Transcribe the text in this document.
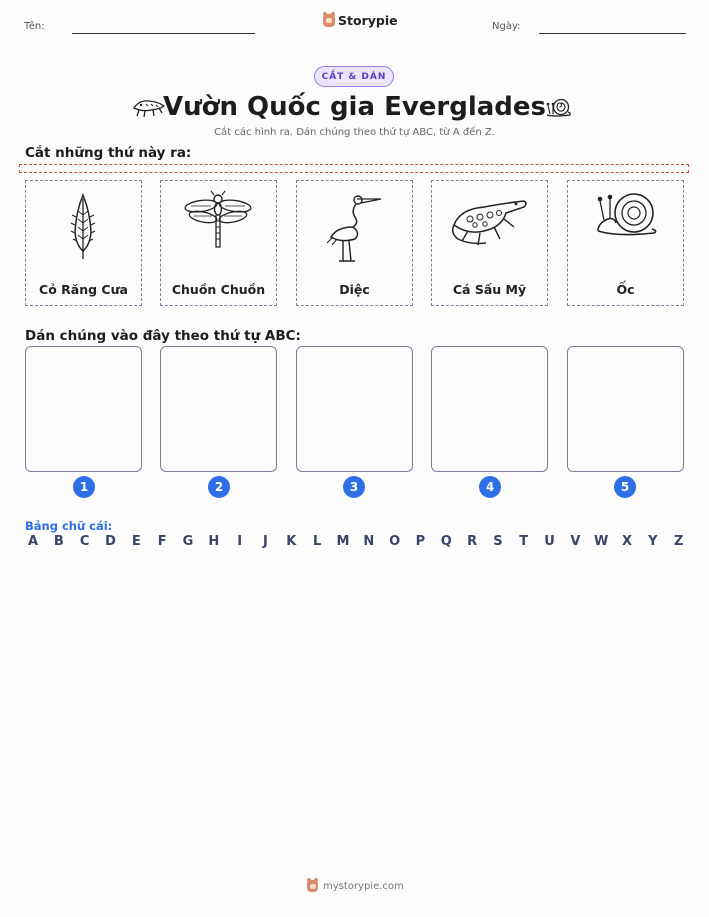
Tên:	Storypie	Ngày:
CẮT & DÁN
Vườn Quốc gia Everglades
Cắt các hình ra. Dán chúng theo thứ tự ABC, từ A đến Z.
Cắt những thứ này ra:
Cỏ Răng Cưa	Chuồn Chuồn	Diệc	Cá Sấu Mỹ	Ốc
Dán chúng vào đây theo thứ tự ABC:
1	2	3	4	5
Bảng chữ cái:
A B C D E F G H	I	J	K L M N O P Q R S T U V W X Y Z
mystorypie.com
